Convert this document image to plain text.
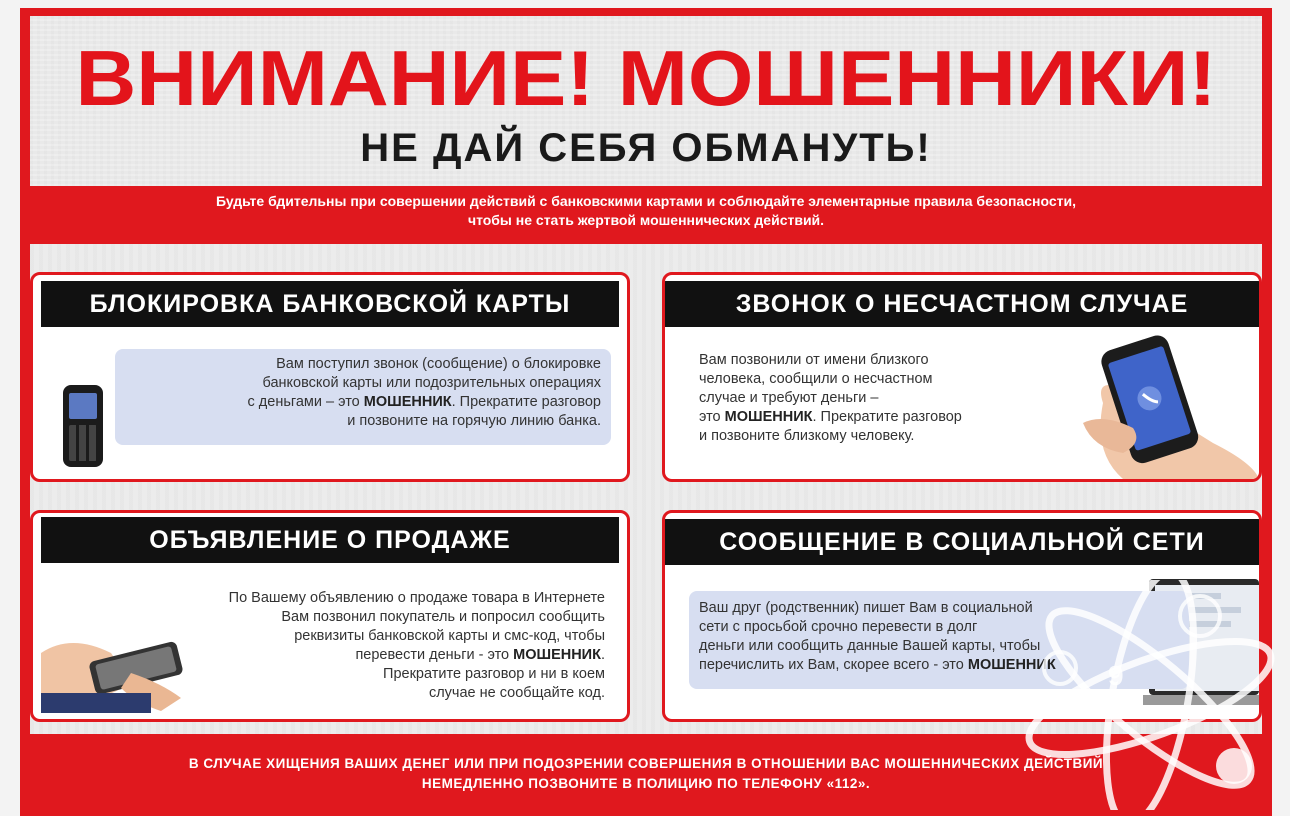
ВНИМАНИЕ! МОШЕННИКИ!
НЕ ДАЙ СЕБЯ ОБМАНУТЬ!
Будьте бдительны при совершении действий с банковскими картами и соблюдайте элементарные правила безопасности,
чтобы не стать жертвой мошеннических действий.
БЛОКИРОВКА БАНКОВСКОЙ КАРТЫ
Вам поступил звонок (сообщение) о блокировке
банковской карты или подозрительных операциях
с деньгами – это МОШЕННИК. Прекратите разговор
и позвоните на горячую линию банка.
ЗВОНОК О НЕСЧАСТНОМ СЛУЧАЕ
Вам позвонили от имени близкого
человека, сообщили о несчастном
случае и требуют деньги –
это МОШЕННИК. Прекратите разговор
и позвоните близкому человеку.
ОБЪЯВЛЕНИЕ О ПРОДАЖЕ
По Вашему объявлению о продаже товара в Интернете
Вам позвонил покупатель и попросил сообщить
реквизиты банковской карты и смс-код, чтобы
перевести деньги - это МОШЕННИК.
Прекратите разговор и ни в коем
случае не сообщайте код.
СООБЩЕНИЕ В СОЦИАЛЬНОЙ СЕТИ
Ваш друг (родственник) пишет Вам в социальной
сети с просьбой срочно перевести в долг
деньги или сообщить данные Вашей карты, чтобы
перечислить их Вам, скорее всего - это МОШЕННИК
В СЛУЧАЕ ХИЩЕНИЯ ВАШИХ ДЕНЕГ ИЛИ ПРИ ПОДОЗРЕНИИ СОВЕРШЕНИЯ В ОТНОШЕНИИ ВАС МОШЕННИЧЕСКИХ ДЕЙСТВИЙ
НЕМЕДЛЕННО ПОЗВОНИТЕ В ПОЛИЦИЮ ПО ТЕЛЕФОНУ «112».
9
